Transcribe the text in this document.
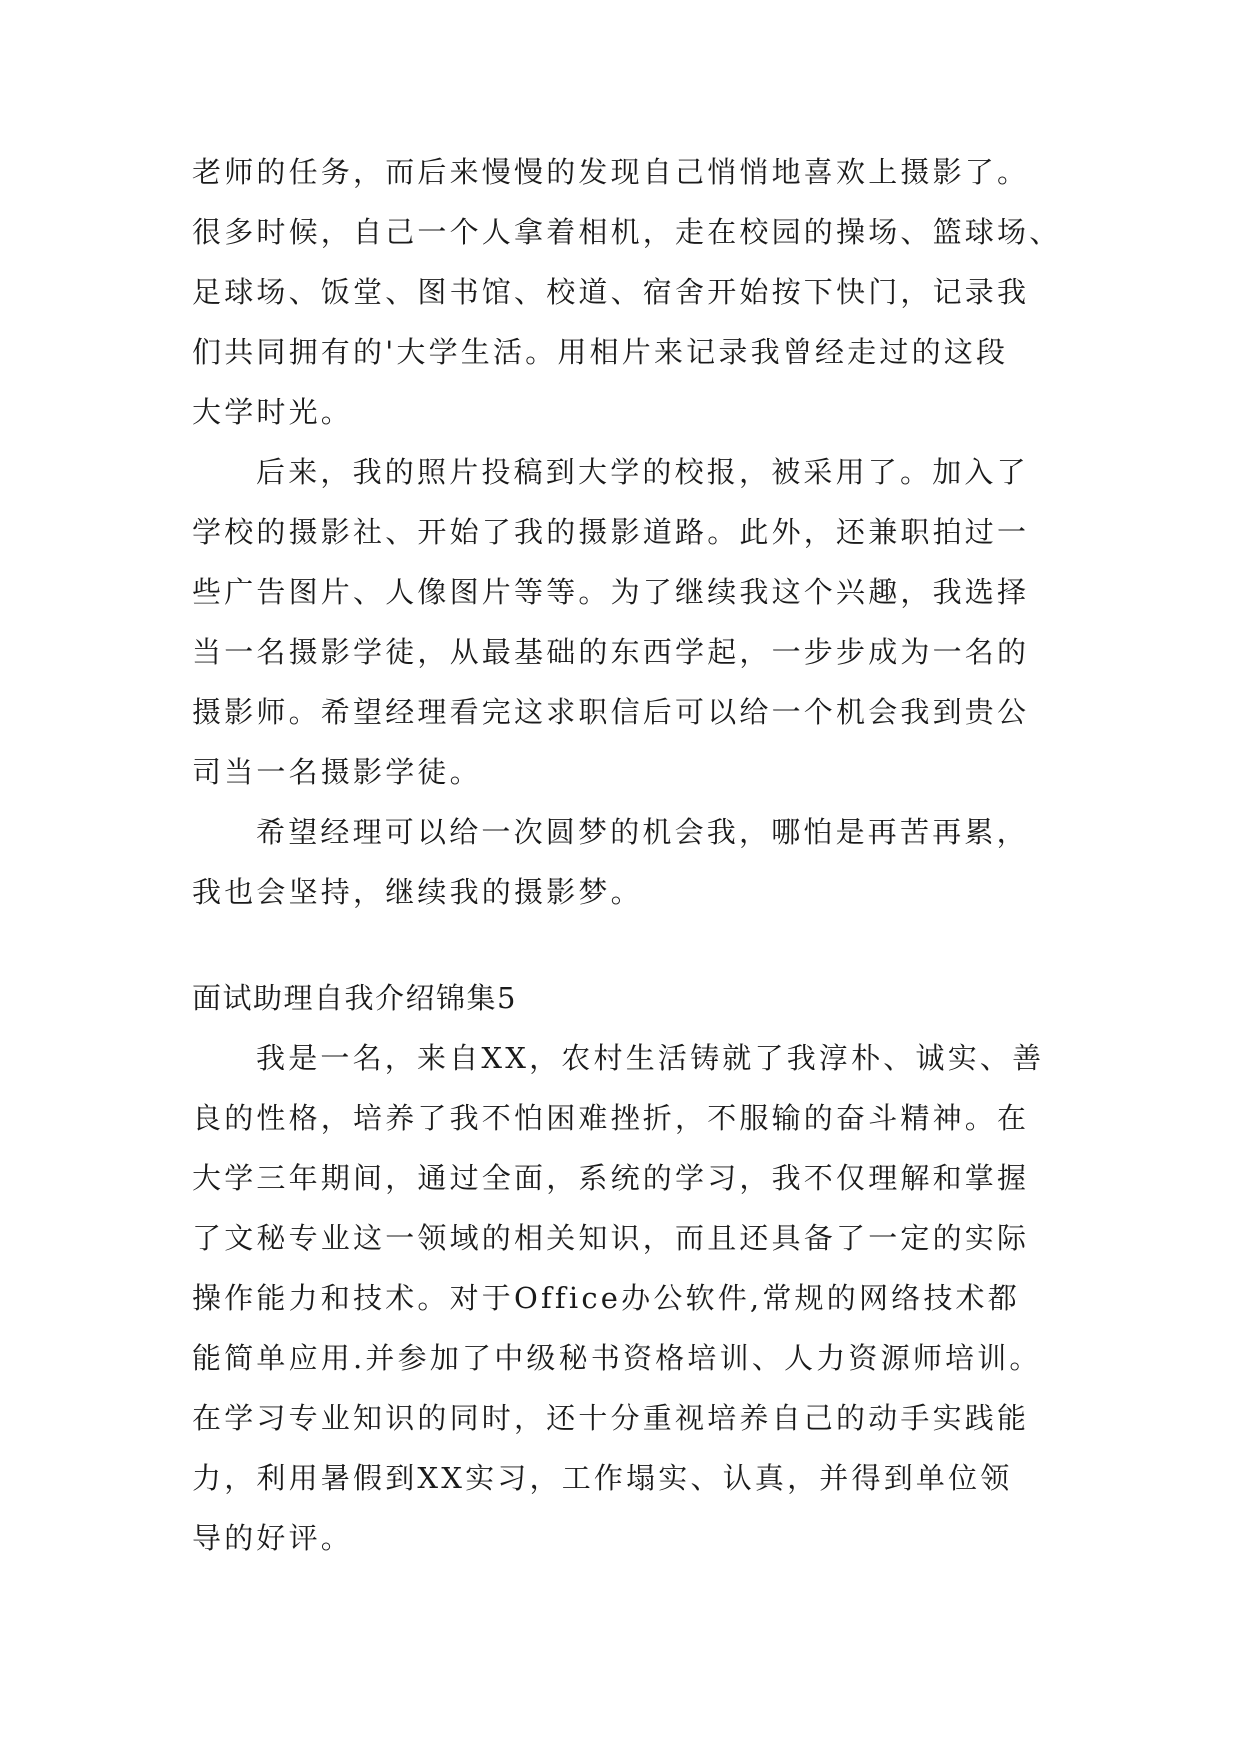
老师的任务，而后来慢慢的发现自己悄悄地喜欢上摄影了。
很多时候，自己一个人拿着相机，走在校园的操场、篮球场、
足球场、饭堂、图书馆、校道、宿舍开始按下快门，记录我
们共同拥有的'大学生活。用相片来记录我曾经走过的这段
大学时光。
后来，我的照片投稿到大学的校报，被采用了。加入了
学校的摄影社、开始了我的摄影道路。此外，还兼职拍过一
些广告图片、人像图片等等。为了继续我这个兴趣，我选择
当一名摄影学徒，从最基础的东西学起，一步步成为一名的
摄影师。希望经理看完这求职信后可以给一个机会我到贵公
司当一名摄影学徒。
希望经理可以给一次圆梦的机会我，哪怕是再苦再累，
我也会坚持，继续我的摄影梦。
面试助理自我介绍锦集5
我是一名，来自XX，农村生活铸就了我淳朴、诚实、善
良的性格，培养了我不怕困难挫折，不服输的奋斗精神。在
大学三年期间，通过全面，系统的学习，我不仅理解和掌握
了文秘专业这一领域的相关知识，而且还具备了一定的实际
操作能力和技术。对于Office办公软件,常规的网络技术都
能简单应用.并参加了中级秘书资格培训、人力资源师培训。
在学习专业知识的同时，还十分重视培养自己的动手实践能
力，利用暑假到XX实习，工作塌实、认真，并得到单位领
导的好评。
